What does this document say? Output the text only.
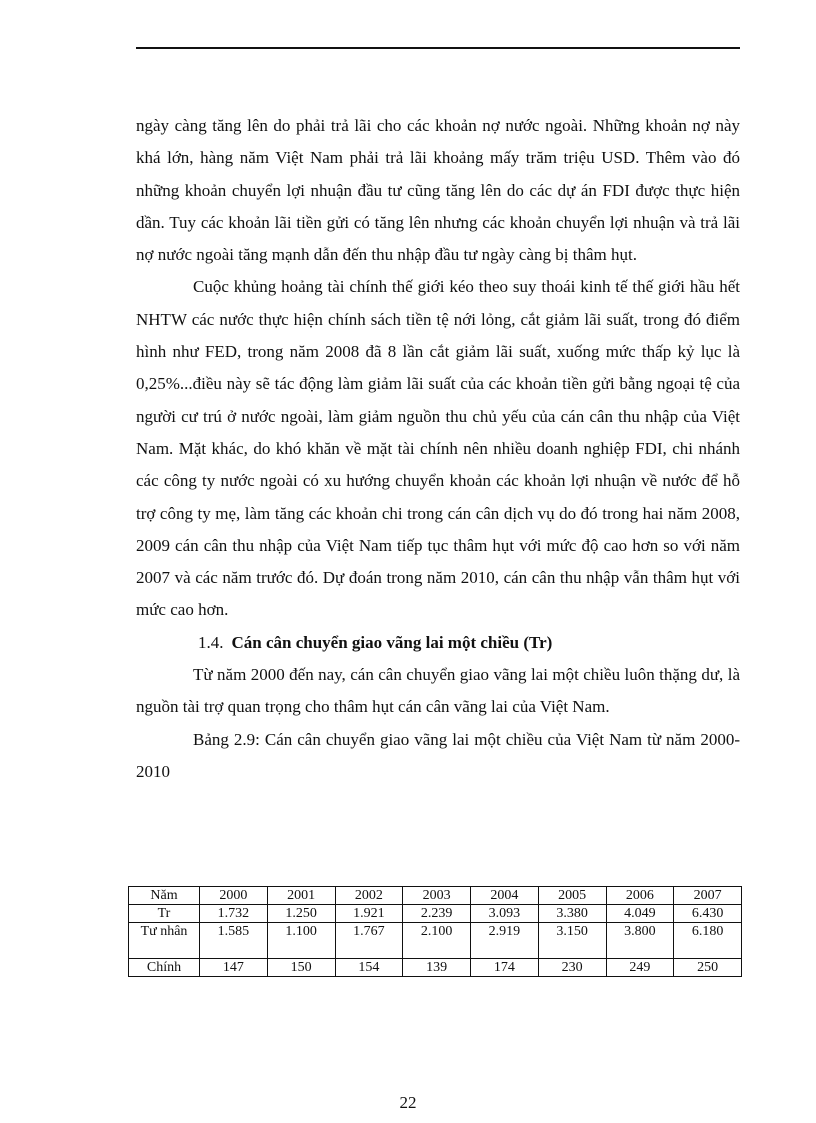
ngày càng tăng lên do phải trả lãi cho các khoản nợ nước ngoài. Những khoản nợ này khá lớn, hàng năm Việt Nam phải trả lãi khoảng mấy trăm triệu USD. Thêm vào đó những khoản chuyển lợi nhuận đầu tư cũng tăng lên do các dự án FDI được thực hiện dần. Tuy các khoản lãi tiền gửi có tăng lên nhưng các khoản chuyển lợi nhuận và trả lãi nợ nước ngoài tăng mạnh dẫn đến thu nhập đầu tư ngày càng bị thâm hụt.

Cuộc khủng hoảng tài chính thế giới kéo theo suy thoái kinh tế thế giới hầu hết NHTW các nước thực hiện chính sách tiền tệ nới lỏng, cắt giảm lãi suất, trong đó điểm hình như FED, trong năm 2008 đã 8 lần cắt giảm lãi suất, xuống mức thấp kỷ lục là 0,25%...điều này sẽ tác động làm giảm lãi suất của các khoản tiền gửi bằng ngoại tệ của người cư trú ở nước ngoài, làm giảm nguồn thu chủ yếu của cán cân thu nhập của Việt Nam. Mặt khác, do khó khăn về mặt tài chính nên nhiều doanh nghiệp FDI, chi nhánh các công ty nước ngoài có xu hướng chuyển khoản các khoản lợi nhuận về nước để hỗ trợ công ty mẹ, làm tăng các khoản chi trong cán cân dịch vụ do đó trong hai năm 2008, 2009 cán cân thu nhập của Việt Nam tiếp tục thâm hụt với mức độ cao hơn so với năm 2007 và các năm trước đó. Dự đoán trong năm 2010, cán cân thu nhập vẫn thâm hụt với mức cao hơn.

1.4. Cán cân chuyển giao vãng lai một chiều (Tr)

Từ năm 2000 đến nay, cán cân chuyển giao vãng lai một chiều luôn thặng dư, là nguồn tài trợ quan trọng cho thâm hụt cán cân vãng lai của Việt Nam.

Bảng 2.9: Cán cân chuyển giao vãng lai một chiều của Việt Nam từ năm 2000-2010

Năm	2000	2001	2002	2003	2004	2005	2006	2007
Tr	1.732	1.250	1.921	2.239	3.093	3.380	4.049	6.430
Tư nhân	1.585	1.100	1.767	2.100	2.919	3.150	3.800	6.180
Chính	147	150	154	139	174	230	249	250
22
